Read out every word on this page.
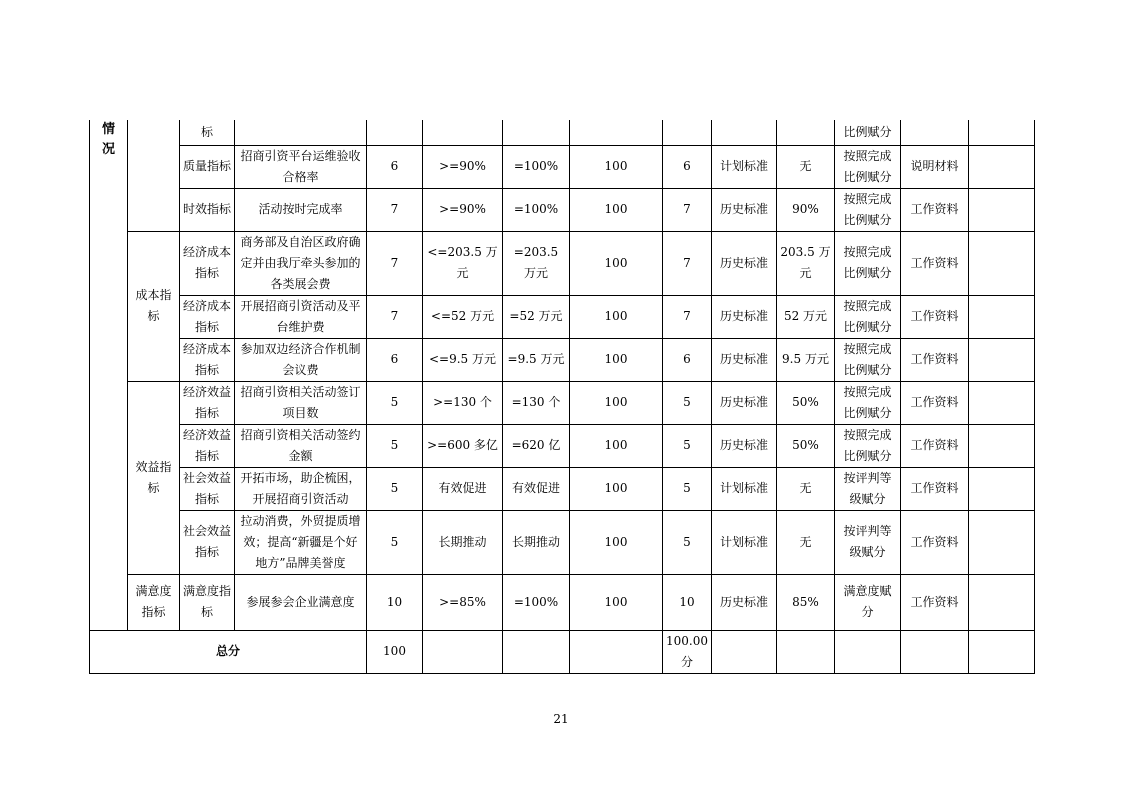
情
况		标									比例赋分		
		质量指标	招商引资平台运维验收合格率	6	>=90%	=100%	100	6	计划标准	无	按照完成比例赋分	说明材料	
		时效指标	活动按时完成率	7	>=90%	=100%	100	7	历史标准	90%	按照完成比例赋分	工作资料	
	成本指标	经济成本指标	商务部及自治区政府确定并由我厅牵头参加的各类展会费	7	<=203.5 万元	=203.5 万元	100	7	历史标准	203.5 万元	按照完成比例赋分	工作资料	
		经济成本指标	开展招商引资活动及平台维护费	7	<=52 万元	=52 万元	100	7	历史标准	52 万元	按照完成比例赋分	工作资料	
		经济成本指标	参加双边经济合作机制会议费	6	<=9.5 万元	=9.5 万元	100	6	历史标准	9.5 万元	按照完成比例赋分	工作资料	
	效益指标	经济效益指标	招商引资相关活动签订项目数	5	>=130 个	=130 个	100	5	历史标准	50%	按照完成比例赋分	工作资料	
		经济效益指标	招商引资相关活动签约金额	5	>=600 多亿	=620 亿	100	5	历史标准	50%	按照完成比例赋分	工作资料	
		社会效益指标	开拓市场，助企梳困，开展招商引资活动	5	有效促进	有效促进	100	5	计划标准	无	按评判等级赋分	工作资料	
		社会效益指标	拉动消费，外贸提质增效；提高“新疆是个好地方”品牌美誉度	5	长期推动	长期推动	100	5	计划标准	无	按评判等级赋分	工作资料	
	满意度指标	满意度指标	参展参会企业满意度	10	>=85%	=100%	100	10	历史标准	85%	满意度赋分	工作资料	
总分				100				100.00 分					
21
